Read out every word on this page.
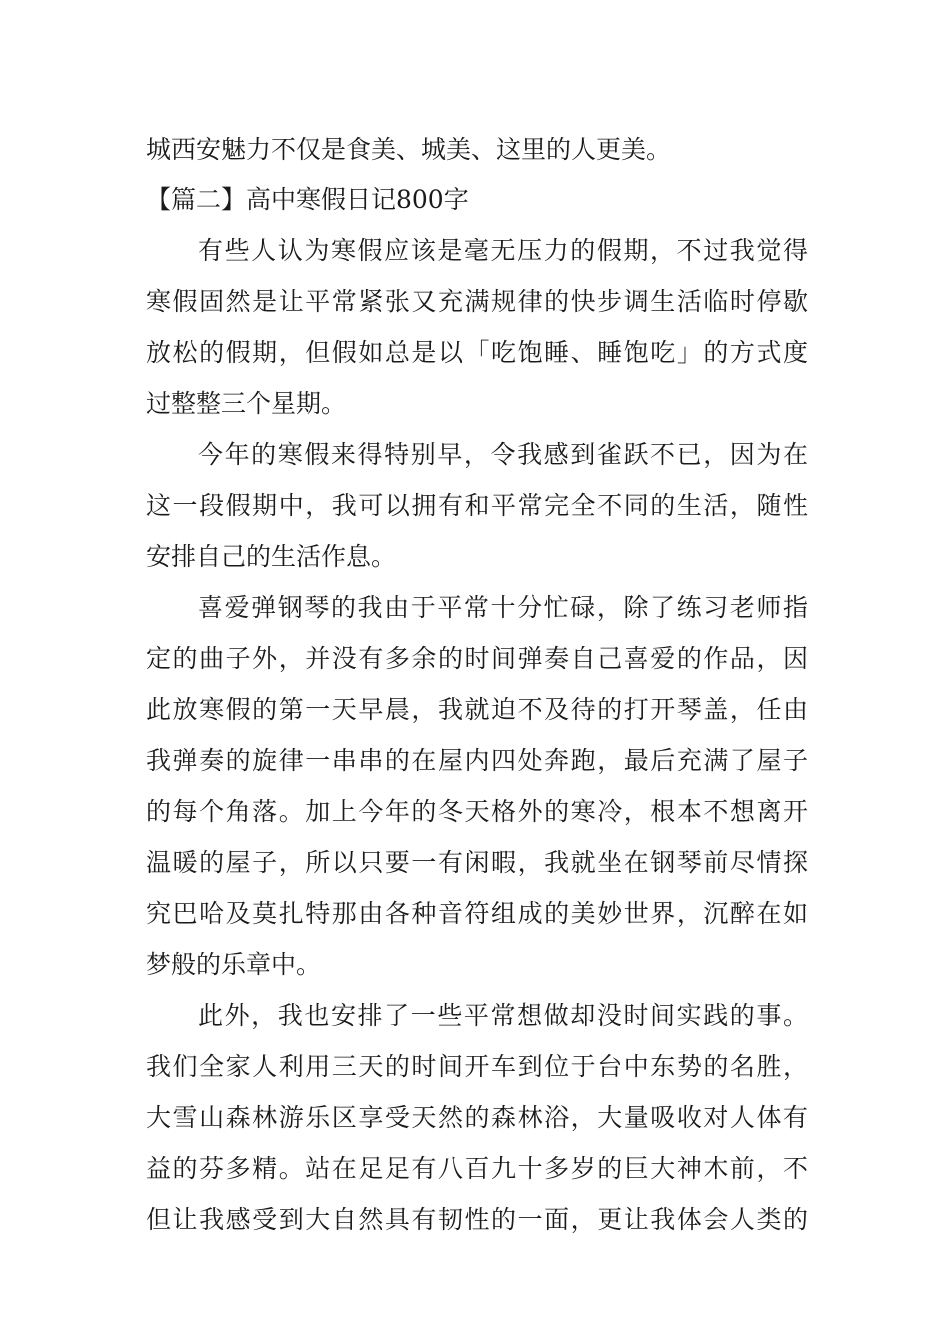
城西安魅力不仅是食美、城美、这里的人更美。
【篇二】高中寒假日记800字
有些人认为寒假应该是毫无压力的假期，不过我觉得
寒假固然是让平常紧张又充满规律的快步调生活临时停歇
放松的假期，但假如总是以「吃饱睡、睡饱吃」的方式度
过整整三个星期。
今年的寒假来得特别早，令我感到雀跃不已，因为在
这一段假期中，我可以拥有和平常完全不同的生活，随性
安排自己的生活作息。
喜爱弹钢琴的我由于平常十分忙碌，除了练习老师指
定的曲子外，并没有多余的时间弹奏自己喜爱的作品，因
此放寒假的第一天早晨，我就迫不及待的打开琴盖，任由
我弹奏的旋律一串串的在屋内四处奔跑，最后充满了屋子
的每个角落。加上今年的冬天格外的寒冷，根本不想离开
温暖的屋子，所以只要一有闲暇，我就坐在钢琴前尽情探
究巴哈及莫扎特那由各种音符组成的美妙世界，沉醉在如
梦般的乐章中。
此外，我也安排了一些平常想做却没时间实践的事。
我们全家人利用三天的时间开车到位于台中东势的名胜，
大雪山森林游乐区享受天然的森林浴，大量吸收对人体有
益的芬多精。站在足足有八百九十多岁的巨大神木前，不
但让我感受到大自然具有韧性的一面，更让我体会人类的
